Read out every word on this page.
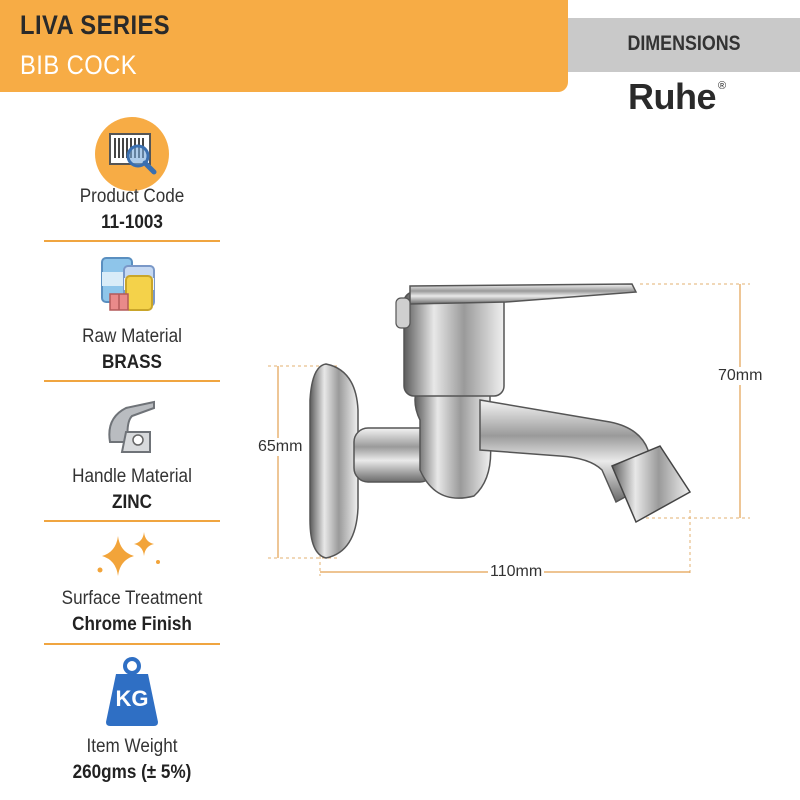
LIVA SERIES
BIB COCK
DIMENSIONS
Ruhe ®
Product Code
11-1003
Raw Material
BRASS
Handle Material
ZINC
Surface Treatment
Chrome Finish
KG
Item Weight
260gms (± 5%)
65mm
70mm
110mm
